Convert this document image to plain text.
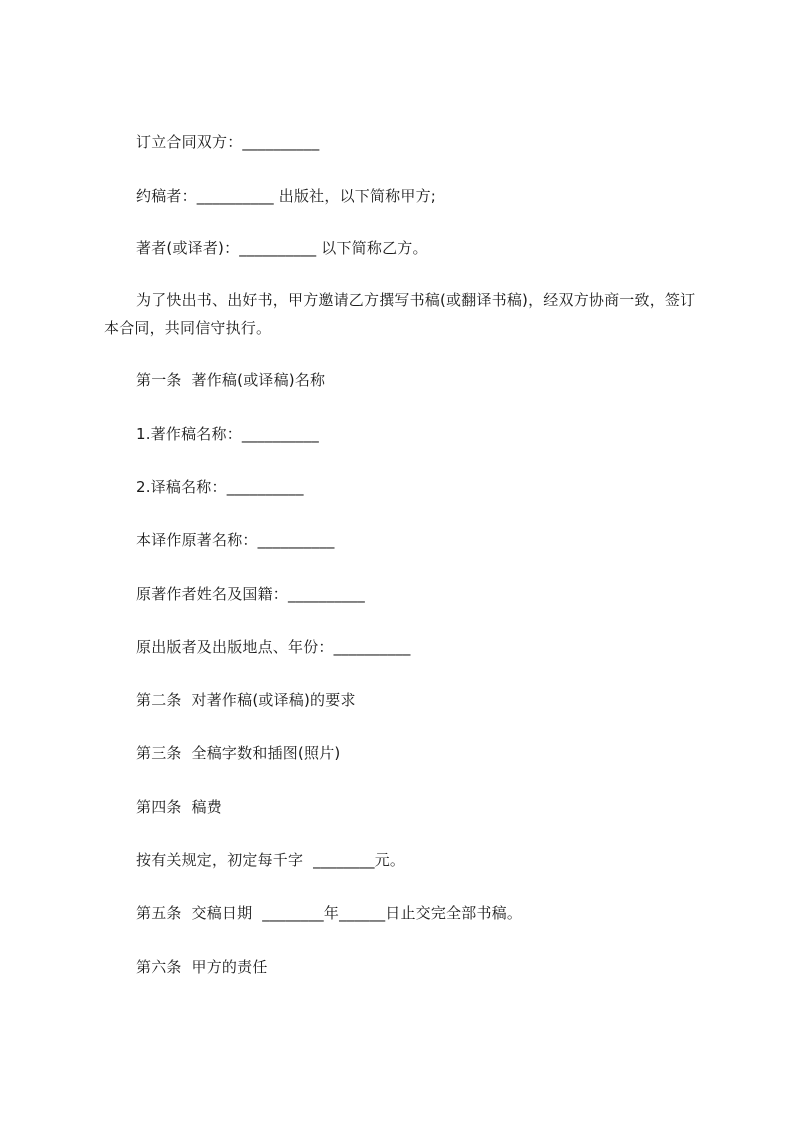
订立合同双方：__________
约稿者：__________ 出版社，以下简称甲方;
著者(或译者)：__________ 以下简称乙方。
为了快出书、出好书，甲方邀请乙方撰写书稿(或翻译书稿)，经双方协商一致，签订本合同，共同信守执行。
第一条  著作稿(或译稿)名称
1.著作稿名称：__________
2.译稿名称：__________
本译作原著名称：__________
原著作者姓名及国籍：__________
原出版者及出版地点、年份：__________
第二条  对著作稿(或译稿)的要求
第三条  全稿字数和插图(照片)
第四条  稿费
按有关规定，初定每千字  ________元。
第五条  交稿日期  ________年______日止交完全部书稿。
第六条  甲方的责任
